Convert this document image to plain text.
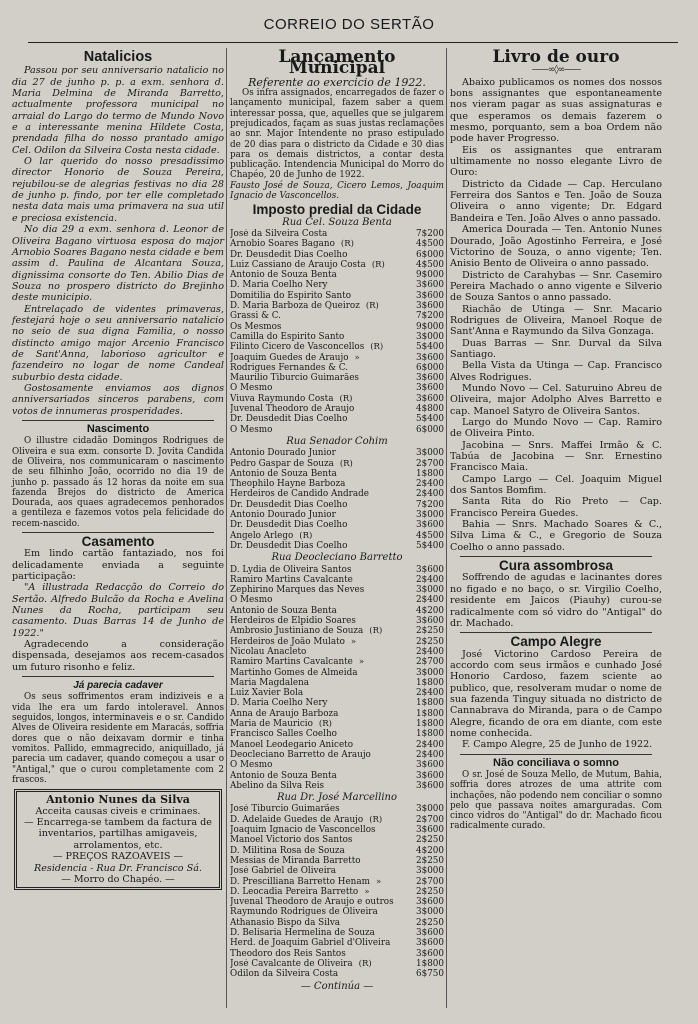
CORREIO DO SERTÃO
Natalicios

Passou por seu anniversario natalicio no dia 27 de junho p. p. a exm. senhora d. Maria Delmina de Miranda Barretto, actualmente professora municipal no arraial do Largo do termo de Mundo Novo e a interessante menina Hildete Costa, prendada filha do nosso prantado amigo Cel. Odilon da Silveira Costa nesta cidade.

O lar querido do nosso presadissimo director Honorio de Souza Pereira, rejubilou-se de alegrias festivas no dia 28 de junho p. findo, por ter elle completado nesta data mais uma primavera na sua util e preciosa existencia.

No dia 29 a exm. senhora d. Leonor de Oliveira Bagano virtuosa esposa do major Arnobio Soares Bagano nesta cidade e bem assim d. Paulina de Alcantara Souza, dignissima consorte do Ten. Abilio Dias de Souza no prospero districto do Brejinho deste municipio.

Entrelaçado de videntes primaveras, festejará hoje o seu anniversario natalicio no seio de sua digna Familia, o nosso distincto amigo major Arcenio Francisco de Sant'Anna, laborioso agricultor e fazendeiro no logar de nome Candeal suburbio desta cidade.

Gostosamente enviamos aos dignos anniversariados sinceros parabens, com votos de innumeras prosperidades.

Nascimento

O illustre cidadão Domingos Rodrigues de Oliveira e sua exm. consorte D. Jovita Candida de Oliveira, nos communicaram o nascimento de seu filhinho João, ocorrido no dia 19 de junho p. passado ás 12 horas da noite em sua fazenda Brejos do districto de America Dourada, aos quaes agradecemos penhorados a gentileza e fazemos votos pela felicidade do recem-nascido.

Casamento

Em lindo cartão fantaziado, nos foi delicadamente enviada a seguinte participação:

"A illustrada Redacção do Correio do Sertão. Alfredo Bulcão da Rocha e Avelina Nunes da Rocha, participam seu casamento. Duas Barras 14 de Junho de 1922."

Agradecendo a consideração dispensada, desejamos aos recem-casados um futuro risonho e feliz.

Já parecia cadaver

Os seus soffrimentos eram indiziveis e a vida lhe era um fardo intoleravel. Annos seguidos, longos, interminaveis e o sr. Candido Alves de Oliveira residente em Maracás, soffria dores que o não deixavam dormir e tinha vomitos. Pallido, emmagrecido, aniquillado, já parecia um cadaver, quando começou a usar o "Antigal," que o curou completamente com 2 frascos.

Antonio Nunes da Silva
Acceita causas civeis e criminaes.
— Encarrega-se tambem da factura de inventarios, partilhas amigaveis, arrolamentos, etc.
— PREÇOS RAZOAVEIS —
Residencia - Rua Dr. Francisco Sá.
— Morro do Chapéo. —
Lançamento Municipal

Referente ao exercicio de 1922.

Os infra assignados, encarregados de fazer o lançamento municipal, fazem saber a quem interessar possa, que, aquelles que se julgarem prejudicados, façam as suas justas reclamações ao snr. Major Intendente no praso estipulado de 20 dias para o districto da Cidade e 30 dias para os demais districtos, a contar desta publicação. Intendencia Municipal do Morro do Chapéo, 20 de Junho de 1922.

Fausto José de Souza, Cicero Lemos, Joaquim Ignacio de Vasconcellos.

Imposto predial da Cidade
Rua Cel. Souza Benta
José da Silveira Costa	7$200
Arnobio Soares Bagano (R)	4$500
Dr. Deusdedit Dias Coelho	6$000
Luiz Cassiano de Araujo Costa (R)	4$500
Antonio de Souza Benta	9$000
D. Maria Coelho Nery	3$600
Domitilia do Espirito Santo	3$600
D. Maria Barboza de Queiroz (R)	3$600
Grassi & C.	7$200
Os Mesmos	9$000
Camilla do Espirito Santo	3$000
Filinto Cicero de Vasconcellos (R)	5$400
Joaquim Guedes de Araujo »	3$600
Rodrigues Fernandes & C.	6$000
Maurilio Tiburcio Guimarães	3$600
O Mesmo	3$600
Viuva Raymundo Costa (R)	3$600
Juvenal Theodoro de Araujo	4$800
Dr. Deusdedit Dias Coelho	5$400
O Mesmo	6$000
Rua Senador Cohim
Antonio Dourado Junior	3$000
Pedro Gaspar de Souza (R)	2$700
Antonio de Souza Benta	1$800
Theophilo Hayne Barboza	2$400
Herdeiros de Candido Andrade	2$400
Dr. Deusdedit Dias Coelho	7$200
Antonio Dourado Junior	3$000
Dr. Deusdedit Dias Coelho	3$600
Angelo Arlego (R)	4$500
Dr. Deusdedit Dias Coelho	5$400
Rua Deocleciano Barretto
D. Lydia de Oliveira Santos	3$600
Ramiro Martins Cavalcante	2$400
Zephirino Marques das Neves	3$000
O Mesmo	2$400
Antonio de Souza Benta	4$200
Herdeiros de Elpidio Soares	3$600
Ambrosio Justiniano de Souza (R)	2$250
Herdeiros de João Mulato »	2$250
Nicolau Anacleto	2$400
Ramiro Martins Cavalcante »	2$700
Martinho Gomes de Almeida	3$000
Maria Magdalena	1$800
Luiz Xavier Bola	2$400
D. Maria Coelho Nery	1$800
Anna de Araujo Barboza	1$800
Maria de Mauricio (R)	1$800
Francisco Salles Coelho	1$800
Manoel Leodegario Aniceto	2$400
Deocleciano Barretto de Araujo	2$400
O Mesmo	3$600
Antonio de Souza Benta	3$600
Abelino da Silva Reis	3$600
Rua Dr. José Marcellino
José Tiburcio Guimarães	3$000
D. Adelaide Guedes de Araujo (R)	2$700
Joaquim Ignacio de Vasconcellos	3$600
Manoel Victorio dos Santos	2$250
D. Militina Rosa de Souza	4$200
Messias de Miranda Barretto	2$250
José Gabriel de Oliveira	3$000
D. Prescilliana Barretto Henam »	2$700
D. Leocadia Pereira Barretto »	2$250
Juvenal Theodoro de Araujo e outros	3$600
Raymundo Rodrigues de Oliveira	3$000
Athanasio Bispo da Silva	2$250
D. Belisaria Hermelina de Souza	3$600
Herd. de Joaquim Gabriel d'Oliveira	3$600
Theodoro dos Reis Santos	3$600
José Cavalcante de Oliveira (R)	1$800
Odilon da Silveira Costa	6$750
— Continúa —
Livro de ouro

——∞◊∞——

Abaixo publicamos os nomes dos nossos bons assignantes que espontaneamente nos vieram pagar as suas assignaturas e que esperamos os demais fazerem o mesmo, porquanto, sem a boa Ordem não pode haver Progresso.

Eis os assignantes que entraram ultimamente no nosso elegante Livro de Ouro:

Districto da Cidade — Cap. Herculano Ferreira dos Santos e Ten. João de Souza Oliveira o anno vigente; Dr. Edgard Bandeira e Ten. João Alves o anno passado.

America Dourada — Ten. Antonio Nunes Dourado, João Agostinho Ferreira, e José Victorino de Souza, o anno vigente; Ten. Anisio Bento de Oliveira o anno passado.

Districto de Carahybas — Snr. Casemiro Pereira Machado o anno vigente e Silverio de Souza Santos o anno passado.

Riachão de Utinga — Snr. Macario Rodrigues de Oliveira, Manoel Roque de Sant'Anna e Raymundo da Silva Gonzaga.

Duas Barras — Snr. Durval da Silva Santiago.

Bella Vista da Utinga — Cap. Francisco Alves Rodrigues.

Mundo Novo — Cel. Saturuino Abreu de Oliveira, major Adolpho Alves Barretto e cap. Manoel Satyro de Oliveira Santos.

Largo do Mundo Novo — Cap. Ramiro de Oliveira Pinto.

Jacobina — Snrs. Maffei Irmão & C. Tabúa de Jacobina — Snr. Ernestino Francisco Maia.

Campo Largo — Cel. Joaquim Miguel dos Santos Bomfim.

Santa Rita do Rio Preto — Cap. Francisco Pereira Guedes.

Bahia — Snrs. Machado Soares & C., Silva Lima & C., e Gregorio de Souza Coelho o anno passado.

Cura assombrosa

Soffrendo de agudas e lacinantes dores no figado e no baço, o sr. Virgilio Coelho, residente em Jaicos (Piauhy) curou-se radicalmente com só vidro do "Antigal" do dr. Machado.

Campo Alegre

José Victorino Cardoso Pereira de accordo com seus irmãos e cunhado José Honorio Cardoso, fazem sciente ao publico, que, resolveram mudar o nome de sua fazenda Tinguy situada no districto de Cannabrava do Miranda, para o de Campo Alegre, ficando de ora em diante, com este nome conhecida.

F. Campo Alegre, 25 de Junho de 1922.

Não conciliava o somno

O sr. José de Souza Mello, de Mutum, Bahia, soffria dores atrozes de uma attrite com inchações, não podendo nem conciliar o somno pelo que passava noites amarguradas. Com cinco vidros do "Antigal" do dr. Machado ficou radicalmente curado.
